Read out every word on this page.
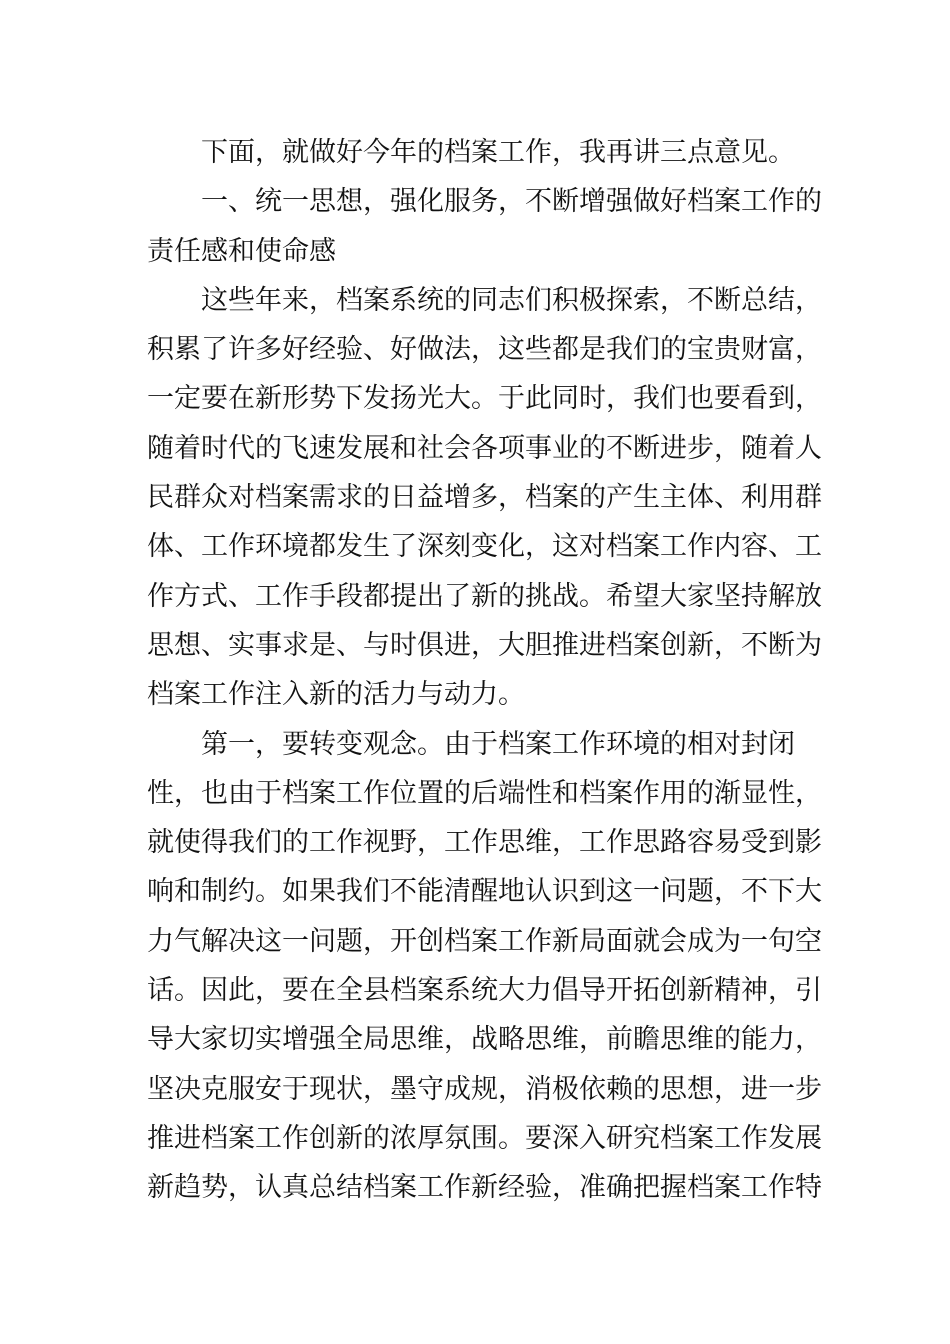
下面，就做好今年的档案工作，我再讲三点意见。

一、统一思想，强化服务，不断增强做好档案工作的

责任感和使命感

这些年来，档案系统的同志们积极探索，不断总结，

积累了许多好经验、好做法，这些都是我们的宝贵财富，

一定要在新形势下发扬光大。于此同时，我们也要看到，

随着时代的飞速发展和社会各项事业的不断进步，随着人

民群众对档案需求的日益增多，档案的产生主体、利用群

体、工作环境都发生了深刻变化，这对档案工作内容、工

作方式、工作手段都提出了新的挑战。希望大家坚持解放

思想、实事求是、与时俱进，大胆推进档案创新，不断为

档案工作注入新的活力与动力。

第一，要转变观念。由于档案工作环境的相对封闭

性，也由于档案工作位置的后端性和档案作用的渐显性，

就使得我们的工作视野，工作思维，工作思路容易受到影

响和制约。如果我们不能清醒地认识到这一问题，不下大

力气解决这一问题，开创档案工作新局面就会成为一句空

话。因此，要在全县档案系统大力倡导开拓创新精神，引

导大家切实增强全局思维，战略思维，前瞻思维的能力，

坚决克服安于现状，墨守成规，消极依赖的思想，进一步

推进档案工作创新的浓厚氛围。要深入研究档案工作发展

新趋势，认真总结档案工作新经验，准确把握档案工作特
